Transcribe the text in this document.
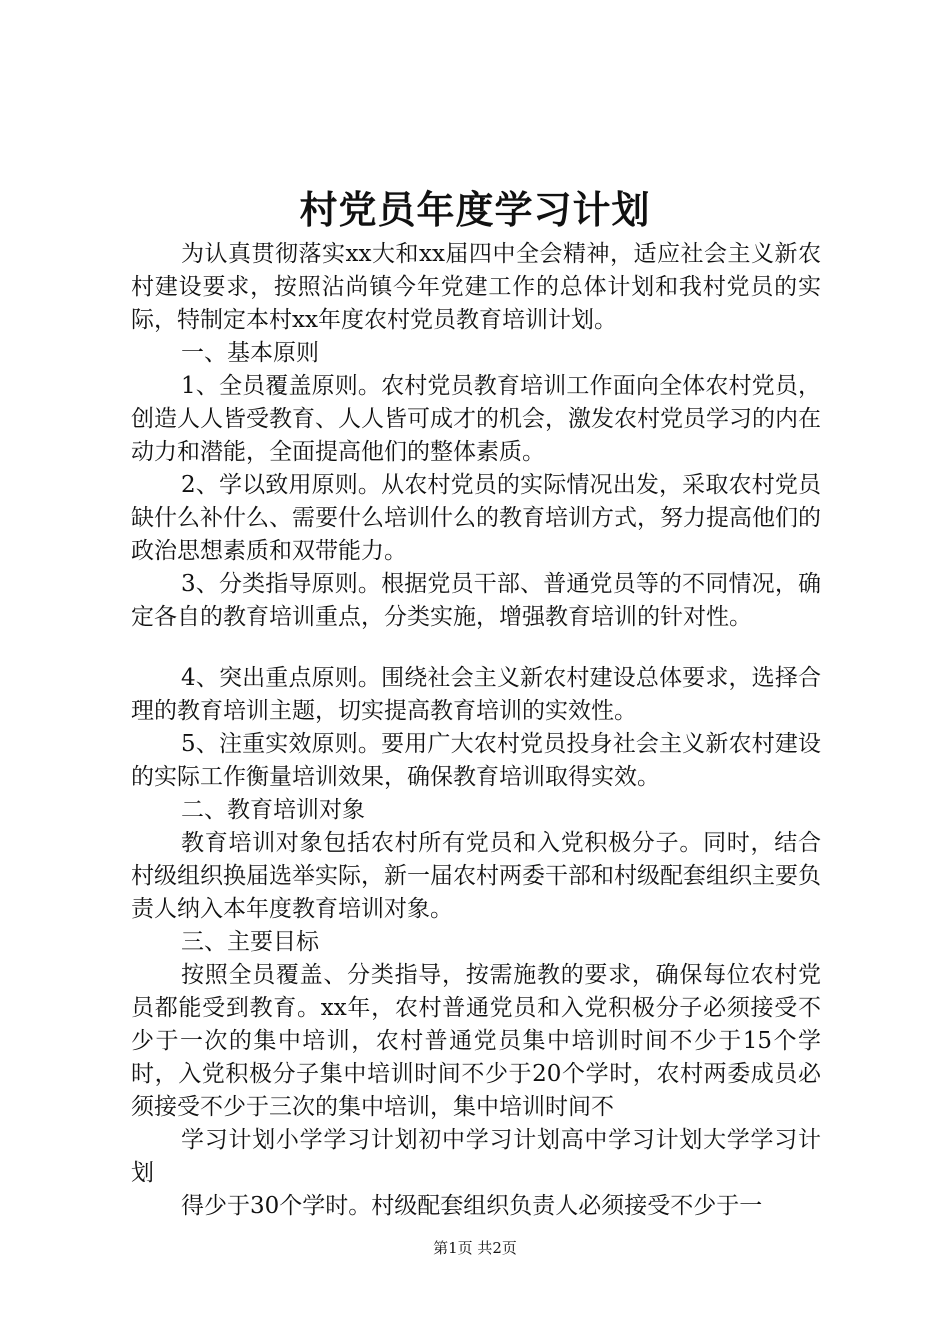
村党员年度学习计划

为认真贯彻落实xx大和xx届四中全会精神，适应社会主义新农村建设要求，按照沾尚镇今年党建工作的总体计划和我村党员的实际，特制定本村xx年度农村党员教育培训计划。

一、基本原则

1、全员覆盖原则。农村党员教育培训工作面向全体农村党员，创造人人皆受教育、人人皆可成才的机会，激发农村党员学习的内在动力和潜能，全面提高他们的整体素质。

2、学以致用原则。从农村党员的实际情况出发，采取农村党员缺什么补什么、需要什么培训什么的教育培训方式，努力提高他们的政治思想素质和双带能力。

3、分类指导原则。根据党员干部、普通党员等的不同情况，确定各自的教育培训重点，分类实施，增强教育培训的针对性。

4、突出重点原则。围绕社会主义新农村建设总体要求，选择合理的教育培训主题，切实提高教育培训的实效性。

5、注重实效原则。要用广大农村党员投身社会主义新农村建设的实际工作衡量培训效果，确保教育培训取得实效。

二、教育培训对象

教育培训对象包括农村所有党员和入党积极分子。同时，结合村级组织换届选举实际，新一届农村两委干部和村级配套组织主要负责人纳入本年度教育培训对象。

三、主要目标

按照全员覆盖、分类指导，按需施教的要求，确保每位农村党员都能受到教育。xx年，农村普通党员和入党积极分子必须接受不少于一次的集中培训，农村普通党员集中培训时间不少于15个学时，入党积极分子集中培训时间不少于20个学时，农村两委成员必须接受不少于三次的集中培训，集中培训时间不

学习计划小学学习计划初中学习计划高中学习计划大学学习计划

得少于30个学时。村级配套组织负责人必须接受不少于一

第1页 共2页
